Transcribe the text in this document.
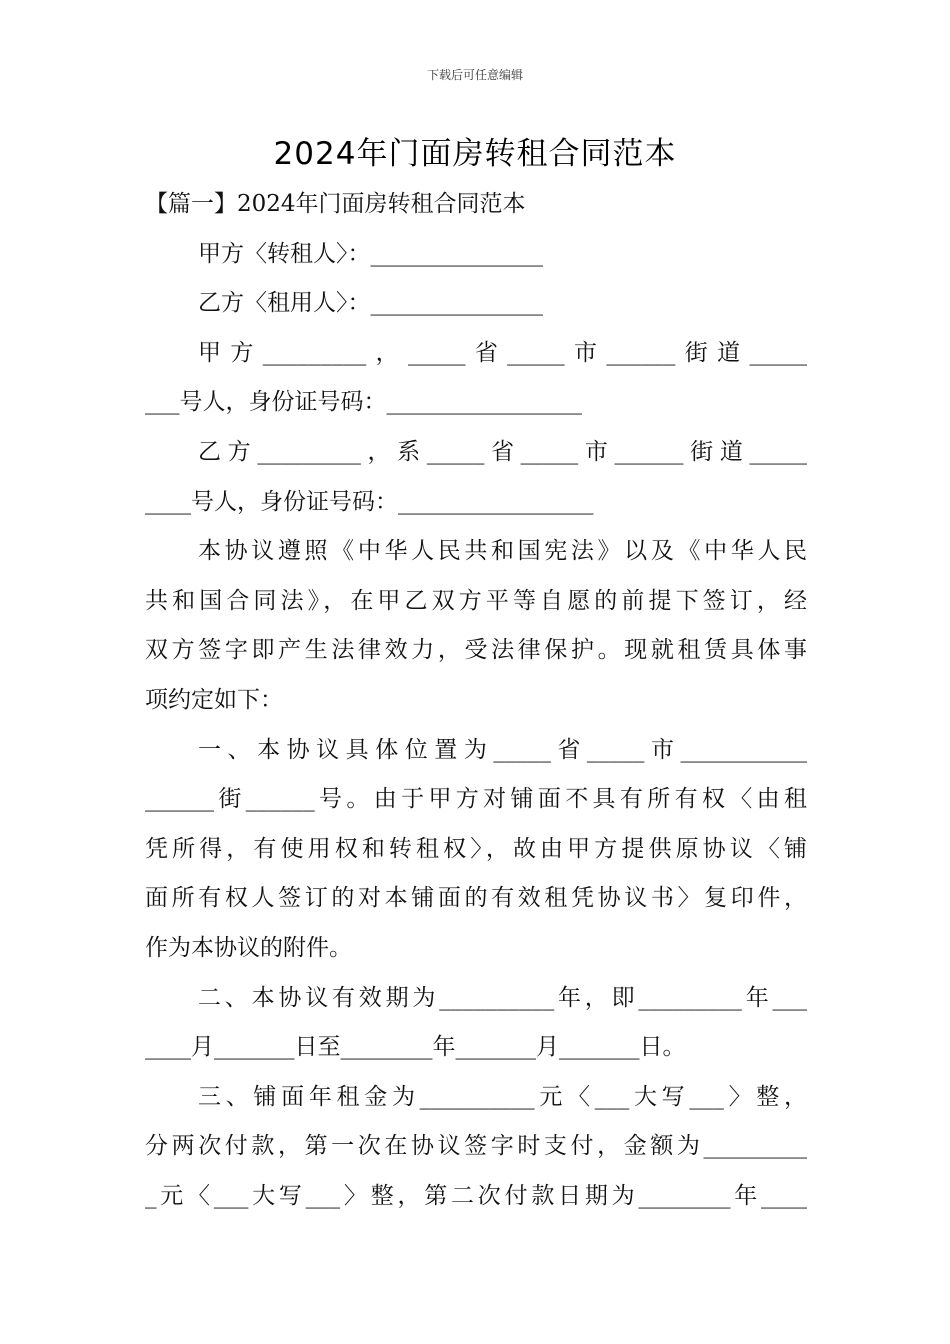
下载后可任意编辑
2024年门面房转租合同范本
【篇一】2024年门面房转租合同范本
甲方〈转租人〉：_______________
乙方〈租用人〉：_______________
甲方_________，_____省_____市______街道_____
___号人，身份证号码：_________________
乙方_________，系_____省_____市______街道_____
____号人，身份证号码：_________________
本协议遵照《中华人民共和国宪法》以及《中华人民
共和国合同法》，在甲乙双方平等自愿的前提下签订，经
双方签字即产生法律效力，受法律保护。现就租赁具体事
项约定如下：
一、本协议具体位置为_____省_____市___________
______街______号。由于甲方对铺面不具有所有权〈由租
凭所得，有使用权和转租权〉，故由甲方提供原协议〈铺
面所有权人签订的对本铺面的有效租凭协议书〉复印件，
作为本协议的附件。
二、本协议有效期为__________年，即_________年___
____月_______日至________年_______月_______日。
三、铺面年租金为__________元〈___大写___〉整，
分两次付款，第一次在协议签字时支付，金额为_________
_元〈___大写___〉整，第二次付款日期为________年____
